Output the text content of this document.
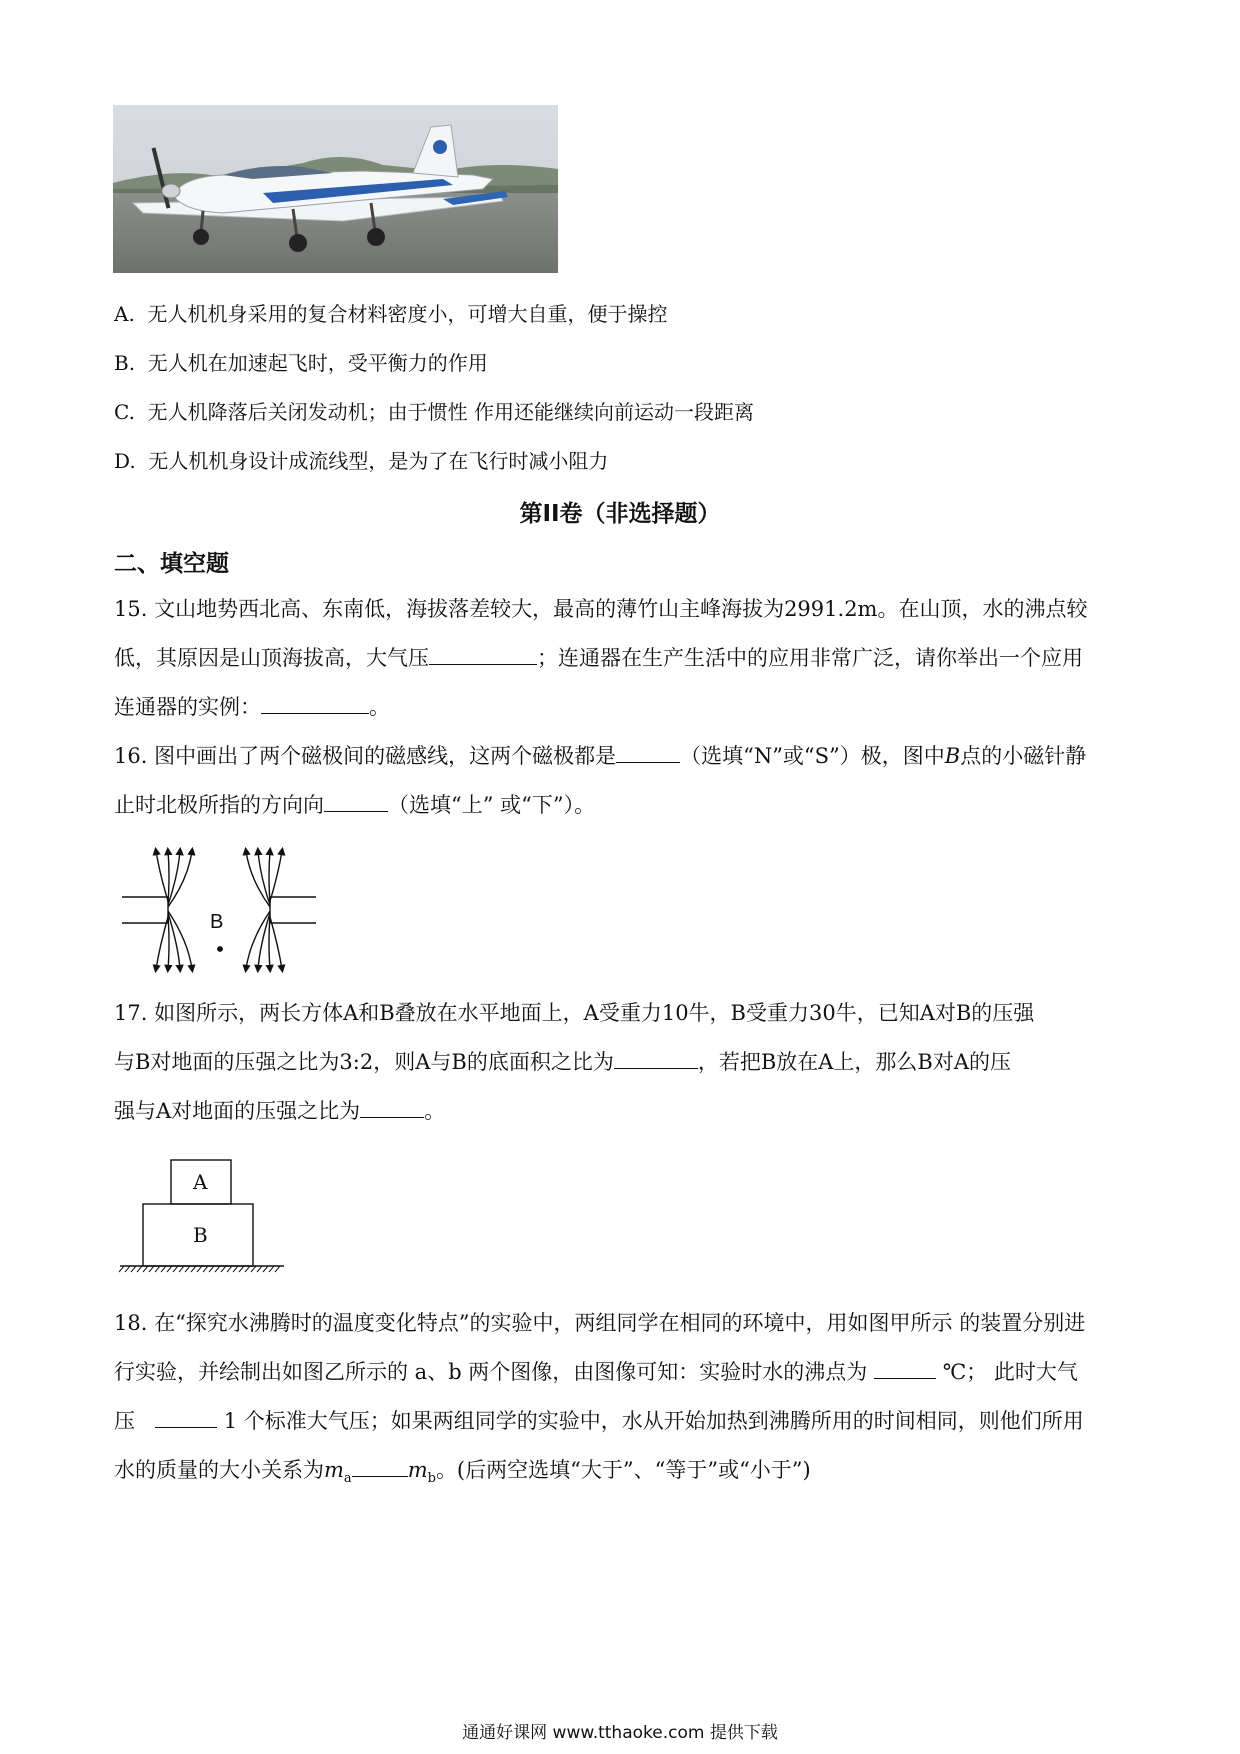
A. 无人机机身采用的复合材料密度小，可增大自重，便于操控
B. 无人机在加速起飞时，受平衡力的作用
C. 无人机降落后关闭发动机；由于惯性 作用还能继续向前运动一段距离
D. 无人机机身设计成流线型，是为了在飞行时减小阻力
第II卷（非选择题）
二、填空题
15. 文山地势西北高、东南低，海拔落差较大，最高的薄竹山主峰海拔为2991.2m。在山顶，水的沸点较
低，其原因是山顶海拔高，大气压	；连通器在生产生活中的应用非常广泛，请你举出一个应用
连通器的实例：	。
16. 图中画出了两个磁极间的磁感线，这两个磁极都是	（选填“N”或“S”）极，图中B点的小磁针静
止时北极所指的方向向	（选填“上” 或“下”）。
B
17. 如图所示，两长方体A和B叠放在水平地面上，A受重力10牛，B受重力30牛，已知A对B的压强
与B对地面的压强之比为3:2，则A与B的底面积之比为	，若把B放在A上，那么B对A的压
强与A对地面的压强之比为	。
A
B
18. 在“探究水沸腾时的温度变化特点”的实验中，两组同学在相同的环境中，用如图甲所示 的装置分别进
行实验，并绘制出如图乙所示的 a、b 两个图像，由图像可知：实验时水的沸点为	℃； 此时大气
压	1 个标准大气压；如果两组同学的实验中，水从开始加热到沸腾所用的时间相同，则他们所用
水的质量的大小关系为$m_a$	$m_b$。(后两空选填“大于”、“等于”或“小于”)
通通好课网 www.tthaoke.com 提供下载
